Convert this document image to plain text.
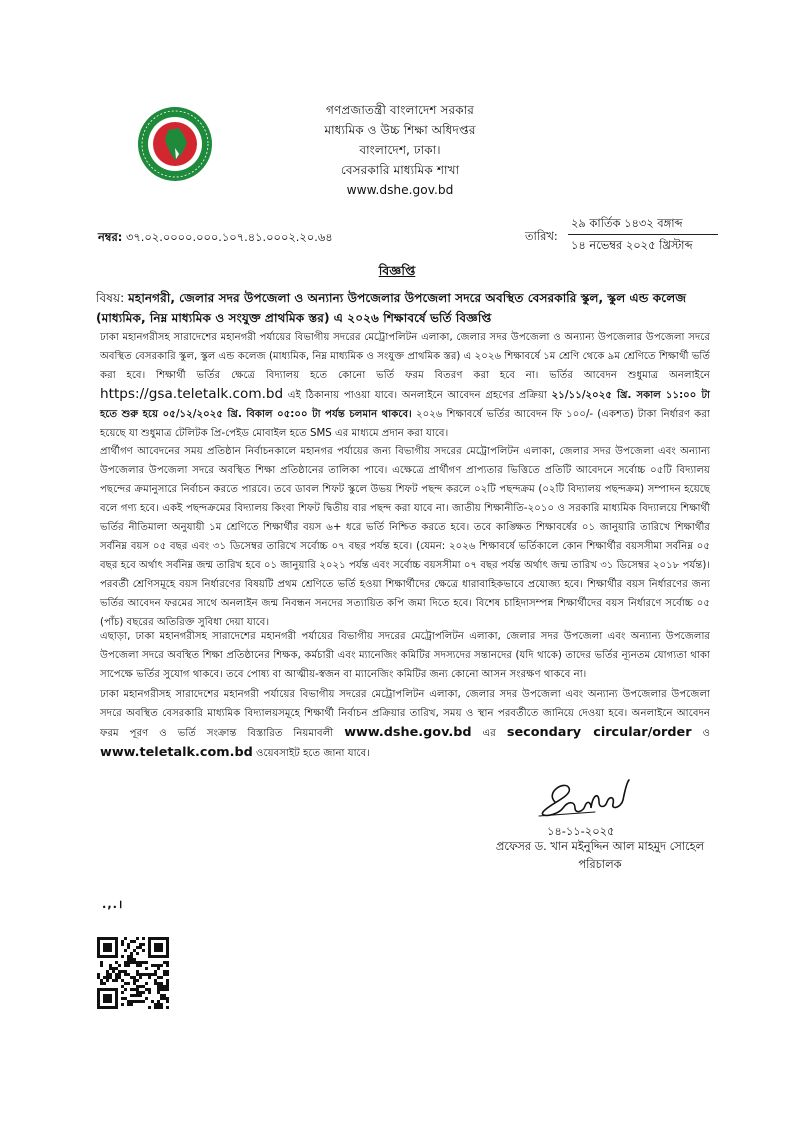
গণপ্রজাতন্ত্রী বাংলাদেশ সরকার
মাধ্যমিক ও উচ্চ শিক্ষা অধিদপ্তর
বাংলাদেশ, ঢাকা।
বেসরকারি মাধ্যমিক শাখা
www.dshe.gov.bd
নম্বর: ৩৭.০২.০০০০.০০০.১০৭.৪১.০০০২.২০.৬৪	তারিখ:
২৯ কার্তিক ১৪৩২ বঙ্গাব্দ
১৪ নভেম্বর ২০২৫ খ্রিস্টাব্দ
বিজ্ঞপ্তি
বিষয়: মহানগরী, জেলার সদর উপজেলা ও অন্যান্য উপজেলার উপজেলা সদরে অবস্থিত বেসরকারি স্কুল, স্কুল এন্ড কলেজ (মাধ্যমিক, নিম্ন মাধ্যমিক ও সংযুক্ত প্রাথমিক স্তর) এ ২০২৬ শিক্ষাবর্ষে ভর্তি বিজ্ঞপ্তি
ঢাকা মহানগরীসহ সারাদেশের মহানগরী পর্যায়ের বিভাগীয় সদরের মেট্রোপলিটন এলাকা, জেলার সদর উপজেলা ও অন্যান্য উপজেলার উপজেলা সদরে অবস্থিত বেসরকারি স্কুল, স্কুল এন্ড কলেজ (মাধ্যমিক, নিম্ন মাধ্যমিক ও সংযুক্ত প্রাথমিক স্তর) এ ২০২৬ শিক্ষাবর্ষে ১ম শ্রেণি থেকে ৯ম শ্রেণিতে শিক্ষার্থী ভর্তি করা হবে। শিক্ষার্থী ভর্তির ক্ষেত্রে বিদ্যালয় হতে কোনো ভর্তি ফরম বিতরণ করা হবে না। ভর্তির আবেদন শুধুমাত্র অনলাইনে https://gsa.teletalk.com.bd এই ঠিকানায় পাওয়া যাবে। অনলাইনে আবেদন গ্রহণের প্রক্রিয়া ২১/১১/২০২৫ খ্রি. সকাল ১১:০০ টা হতে শুরু হয়ে ০৫/১২/২০২৫ খ্রি. বিকাল ০৫:০০ টা পর্যন্ত চলমান থাকবে। ২০২৬ শিক্ষাবর্ষে ভর্তির আবেদন ফি ১০০/- (একশত) টাকা নির্ধারণ করা হয়েছে যা শুধুমাত্র টেলিটক প্রি-পেইড মোবাইল হতে SMS এর মাধ্যমে প্রদান করা যাবে।
প্রার্থীগণ আবেদনের সময় প্রতিষ্ঠান নির্বাচনকালে মহানগর পর্যায়ের জন্য বিভাগীয় সদরের মেট্রোপলিটন এলাকা, জেলার সদর উপজেলা এবং অন্যান্য উপজেলার উপজেলা সদরে অবস্থিত শিক্ষা প্রতিষ্ঠানের তালিকা পাবে। এক্ষেত্রে প্রার্থীগণ প্রাপ্যতার ভিত্তিতে প্রতিটি আবেদনে সর্বোচ্চ ০৫টি বিদ্যালয় পছন্দের ক্রমানুসারে নির্বাচন করতে পারবে। তবে ডাবল শিফট স্কুলে উভয় শিফট পছন্দ করলে ০২টি পছন্দক্রম (০২টি বিদ্যালয় পছন্দক্রম) সম্পাদন হয়েছে বলে গণ্য হবে। একই পছন্দক্রমের বিদ্যালয় কিংবা শিফট দ্বিতীয় বার পছন্দ করা যাবে না। জাতীয় শিক্ষানীতি-২০১০ ও সরকারি মাধ্যমিক বিদ্যালয়ে শিক্ষার্থী ভর্তির নীতিমালা অনুযায়ী ১ম শ্রেণিতে শিক্ষার্থীর বয়স ৬+ ধরে ভর্তি নিশ্চিত করতে হবে। তবে কাঙ্ক্ষিত শিক্ষাবর্ষের ০১ জানুয়ারি তারিখে শিক্ষার্থীর সর্বনিম্ন বয়স ০৫ বছর এবং ৩১ ডিসেম্বর তারিখে সর্বোচ্চ ০৭ বছর পর্যন্ত হবে। (যেমন: ২০২৬ শিক্ষাবর্ষে ভর্তিকালে কোন শিক্ষার্থীর বয়সসীমা সর্বনিম্ন ০৫ বছর হবে অর্থাৎ সর্বনিম্ন জন্ম তারিখ হবে ০১ জানুয়ারি ২০২১ পর্যন্ত এবং সর্বোচ্চ বয়সসীমা ০৭ বছর পর্যন্ত অর্থাৎ জন্ম তারিখ ৩১ ডিসেম্বর ২০১৮ পর্যন্ত)। পরবর্তী শ্রেণিসমূহে বয়স নির্ধারণের বিষয়টি প্রথম শ্রেণিতে ভর্তি হওয়া শিক্ষার্থীদের ক্ষেত্রে ধারাবাহিকভাবে প্রযোজ্য হবে। শিক্ষার্থীর বয়স নির্ধারণের জন্য ভর্তির আবেদন ফরমের সাথে অনলাইন জন্ম নিবন্ধন সনদের সত্যায়িত কপি জমা দিতে হবে। বিশেষ চাহিদাসম্পন্ন শিক্ষার্থীদের বয়স নির্ধারণে সর্বোচ্চ ০৫ (পাঁচ) বছরের অতিরিক্ত সুবিধা দেয়া যাবে।
এছাড়া, ঢাকা মহানগরীসহ সারাদেশের মহানগরী পর্যায়ের বিভাগীয় সদরের মেট্রোপলিটন এলাকা, জেলার সদর উপজেলা এবং অন্যান্য উপজেলার উপজেলা সদরে অবস্থিত শিক্ষা প্রতিষ্ঠানের শিক্ষক, কর্মচারী এবং ম্যানেজিং কমিটির সদস্যদের সন্তানদের (যদি থাকে) তাদের ভর্তির ন্যূনতম যোগ্যতা থাকা সাপেক্ষে ভর্তির সুযোগ থাকবে। তবে পোষ্য বা আত্মীয়-স্বজন বা ম্যানেজিং কমিটির জন্য কোনো আসন সংরক্ষণ থাকবে না।
ঢাকা মহানগরীসহ সারাদেশের মহানগরী পর্যায়ের বিভাগীয় সদরের মেট্রোপলিটন এলাকা, জেলার সদর উপজেলা এবং অন্যান্য উপজেলার উপজেলা সদরে অবস্থিত বেসরকারি মাধ্যমিক বিদ্যালয়সমূহে শিক্ষার্থী নির্বাচন প্রক্রিয়ার তারিখ, সময় ও স্থান পরবর্তীতে জানিয়ে দেওয়া হবে। অনলাইনে আবেদন ফরম পূরণ ও ভর্তি সংক্রান্ত বিস্তারিত নিয়মাবলী www.dshe.gov.bd এর secondary circular/order ও www.teletalk.com.bd ওয়েবসাইট হতে জানা যাবে।
১৪-১১-২০২৫
প্রফেসর ড. খান মইনুদ্দিন আল মাহমুদ সোহেল
পরিচালক
.,.।
